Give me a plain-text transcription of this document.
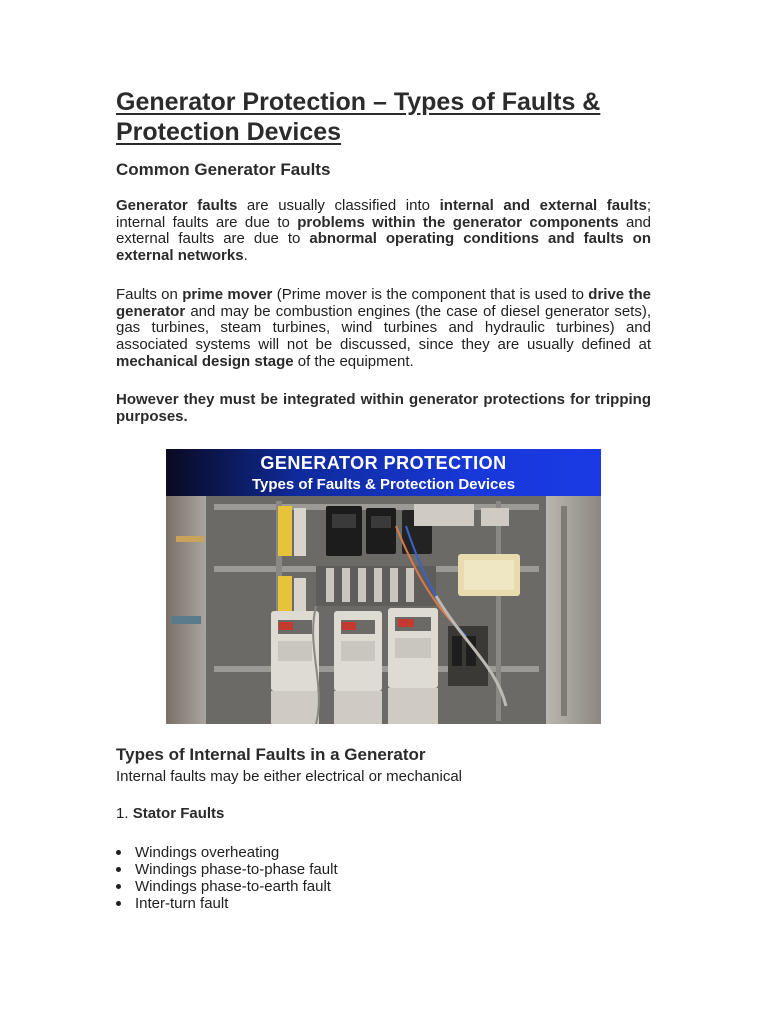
Generator Protection – Types of Faults & Protection Devices
Common Generator Faults

Generator faults are usually classified into internal and external faults; internal faults are due to problems within the generator components and external faults are due to abnormal operating conditions and faults on external networks.

Faults on prime mover (Prime mover is the component that is used to drive the generator and may be combustion engines (the case of diesel generator sets), gas turbines, steam turbines, wind turbines and hydraulic turbines) and associated systems will not be discussed, since they are usually defined at mechanical design stage of the equipment.

However they must be integrated within generator protections for tripping purposes.

GENERATOR PROTECTION
Types of Faults & Protection Devices
Types of Internal Faults in a Generator

Internal faults may be either electrical or mechanical

1. Stator Faults

Windings overheating
Windings phase-to-phase fault
Windings phase-to-earth fault
Inter-turn fault
